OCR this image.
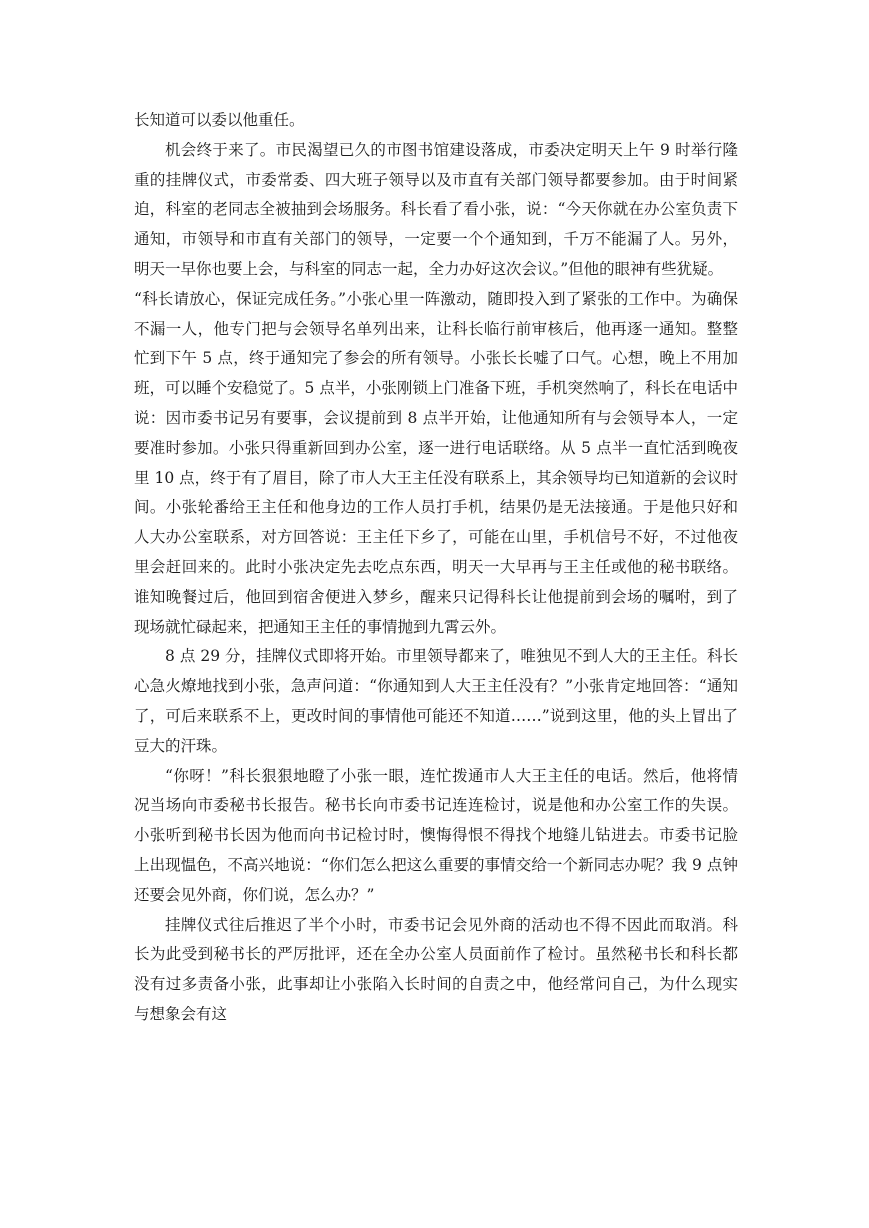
长知道可以委以他重任。

机会终于来了。市民渴望已久的市图书馆建设落成，市委决定明天上午 9 时举行隆重的挂牌仪式，市委常委、四大班子领导以及市直有关部门领导都要参加。由于时间紧迫，科室的老同志全被抽到会场服务。科长看了看小张，说：“今天你就在办公室负责下通知，市领导和市直有关部门的领导，一定要一个个通知到，千万不能漏了人。另外，明天一早你也要上会，与科室的同志一起，全力办好这次会议。”但他的眼神有些犹疑。

“科长请放心，保证完成任务。”小张心里一阵激动，随即投入到了紧张的工作中。为确保不漏一人，他专门把与会领导名单列出来，让科长临行前审核后，他再逐一通知。整整忙到下午 5 点，终于通知完了参会的所有领导。小张长长嘘了口气。心想，晚上不用加班，可以睡个安稳觉了。5 点半，小张刚锁上门准备下班，手机突然响了，科长在电话中说：因市委书记另有要事，会议提前到 8 点半开始，让他通知所有与会领导本人，一定要准时参加。小张只得重新回到办公室，逐一进行电话联络。从 5 点半一直忙活到晚夜里 10 点，终于有了眉目，除了市人大王主任没有联系上，其余领导均已知道新的会议时间。小张轮番给王主任和他身边的工作人员打手机，结果仍是无法接通。于是他只好和人大办公室联系，对方回答说：王主任下乡了，可能在山里，手机信号不好，不过他夜里会赶回来的。此时小张决定先去吃点东西，明天一大早再与王主任或他的秘书联络。谁知晚餐过后，他回到宿舍便进入梦乡，醒来只记得科长让他提前到会场的嘱咐，到了现场就忙碌起来，把通知王主任的事情抛到九霄云外。

8 点 29 分，挂牌仪式即将开始。市里领导都来了，唯独见不到人大的王主任。科长心急火燎地找到小张，急声问道：“你通知到人大王主任没有？”小张肯定地回答：“通知了，可后来联系不上，更改时间的事情他可能还不知道……”说到这里，他的头上冒出了豆大的汗珠。

“你呀！”科长狠狠地瞪了小张一眼，连忙拨通市人大王主任的电话。然后，他将情况当场向市委秘书长报告。秘书长向市委书记连连检讨，说是他和办公室工作的失误。小张听到秘书长因为他而向书记检讨时，懊悔得恨不得找个地缝儿钻进去。市委书记脸上出现愠色，不高兴地说：“你们怎么把这么重要的事情交给一个新同志办呢？我 9 点钟还要会见外商，你们说，怎么办？”

挂牌仪式往后推迟了半个小时，市委书记会见外商的活动也不得不因此而取消。科长为此受到秘书长的严厉批评，还在全办公室人员面前作了检讨。虽然秘书长和科长都没有过多责备小张，此事却让小张陷入长时间的自责之中，他经常问自己，为什么现实与想象会有这
